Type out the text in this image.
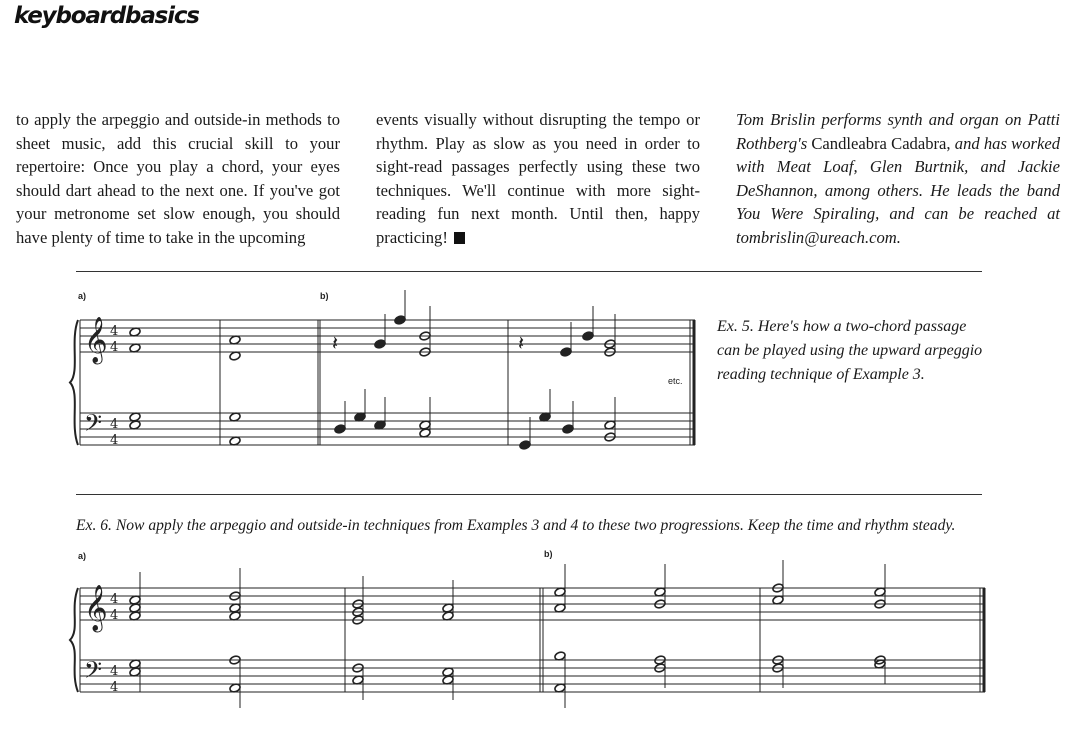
keyboardbasics
to apply the arpeggio and outside-in methods to sheet music, add this crucial skill to your repertoire: Once you play a chord, your eyes should dart ahead to the next one. If you've got your metronome set slow enough, you should have plenty of time to take in the upcoming
events visually without disrupting the tempo or rhythm. Play as slow as you need in order to sight-read passages perfectly using these two techniques. We'll continue with more sight-reading fun next month. Until then, happy practicing!
Tom Brislin performs synth and organ on Patti Rothberg's Candleabra Cadabra, and has worked with Meat Loaf, Glen Burtnik, and Jackie DeShannon, among others. He leads the band You Were Spiraling, and can be reached at tombrislin@ureach.com.
a)	b)
etc.
Ex. 5. Here's how a two-chord passage can be played using the upward arpeggio reading technique of Example 3.
Ex. 6. Now apply the arpeggio and outside-in techniques from Examples 3 and 4 to these two progressions. Keep the time and rhythm steady.
a)	b)
𝄞
𝄢
4
4
4
4
𝄽	𝄽
𝄞
𝄢
4
4
4
4
